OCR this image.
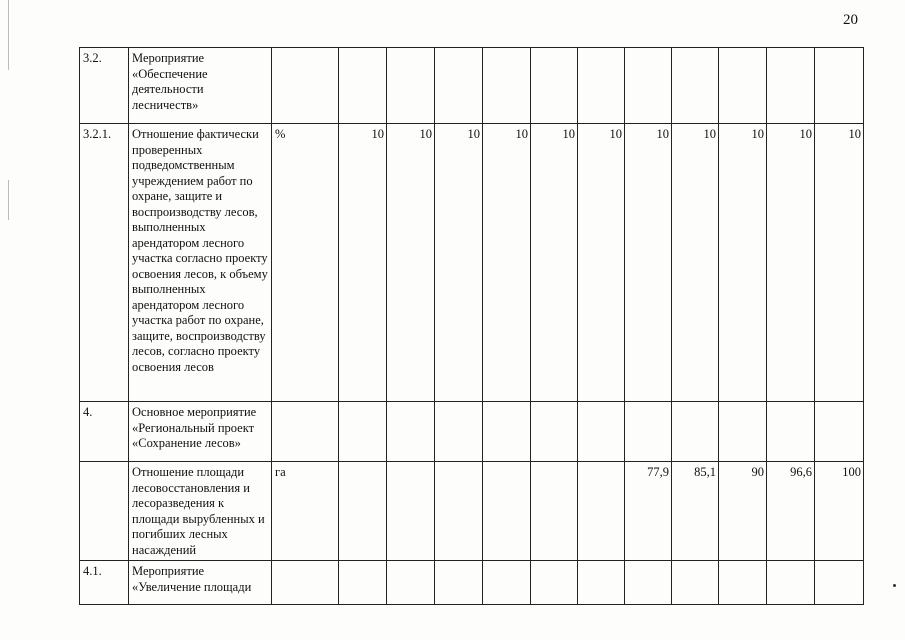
20
3.2.	Мероприятие «Обеспечение деятельности лесничеств»												
3.2.1.	Отношение фактически проверенных подведомственным учреждением работ по охране, защите и воспроизводству лесов, выполненных арендатором лесного участка согласно проекту освоения лесов, к объему выполненных арендатором лесного участка работ по охране, защите, воспроизводству лесов, согласно проекту освоения лесов	%	10	10	10	10	10	10	10	10	10	10	10
4.	Основное мероприятие «Региональный проект «Сохранение лесов»												
	Отношение площади лесовосстановления и лесоразведения к площади вырубленных и погибших лесных насаждений	га							77,9	85,1	90	96,6	100
4.1.	Мероприятие «Увеличение площади												
